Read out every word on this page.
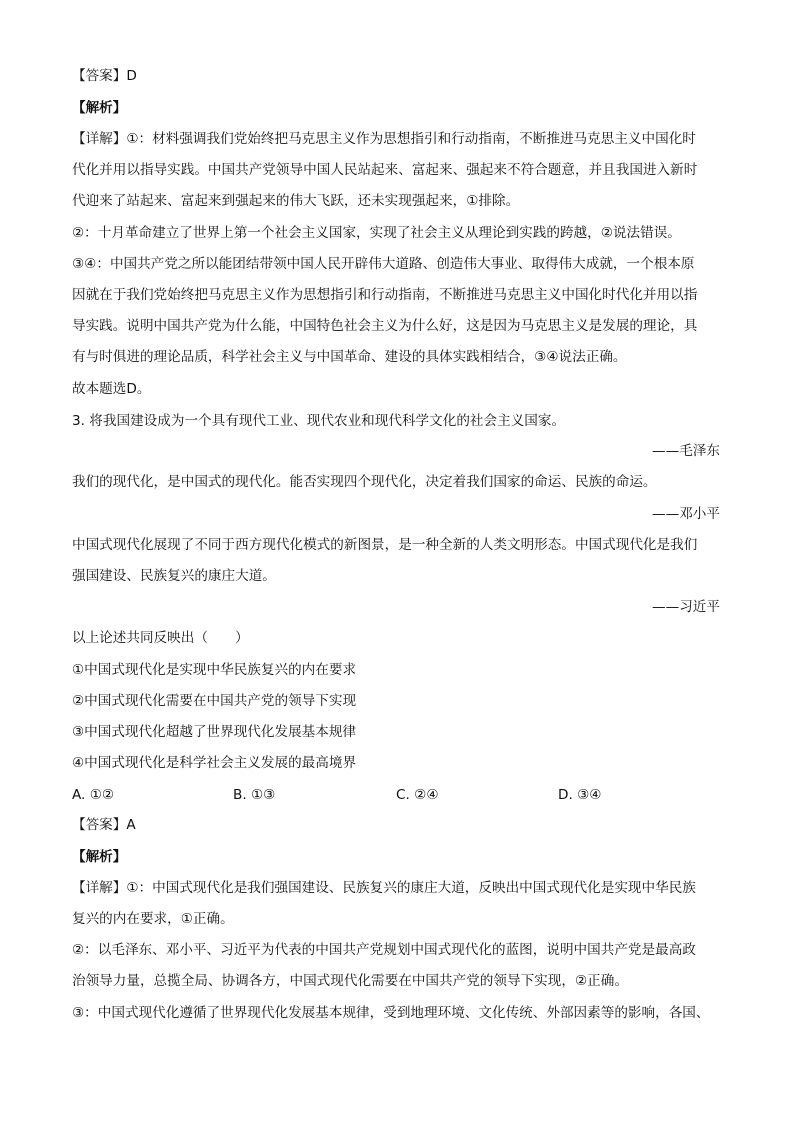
【答案】D
【解析】
【详解】①：材料强调我们党始终把马克思主义作为思想指引和行动指南，不断推进马克思主义中国化时
代化并用以指导实践。中国共产党领导中国人民站起来、富起来、强起来不符合题意，并且我国进入新时
代迎来了站起来、富起来到强起来的伟大飞跃，还未实现强起来，①排除。
②：十月革命建立了世界上第一个社会主义国家，实现了社会主义从理论到实践的跨越，②说法错误。
③④：中国共产党之所以能团结带领中国人民开辟伟大道路、创造伟大事业、取得伟大成就，一个根本原
因就在于我们党始终把马克思主义作为思想指引和行动指南，不断推进马克思主义中国化时代化并用以指
导实践。说明中国共产党为什么能，中国特色社会主义为什么好，这是因为马克思主义是发展的理论，具
有与时俱进的理论品质，科学社会主义与中国革命、建设的具体实践相结合，③④说法正确。
故本题选D。
3. 将我国建设成为一个具有现代工业、现代农业和现代科学文化的社会主义国家。
——毛泽东
我们的现代化，是中国式的现代化。能否实现四个现代化，决定着我们国家的命运、民族的命运。
——邓小平
中国式现代化展现了不同于西方现代化模式的新图景，是一种全新的人类文明形态。中国式现代化是我们
强国建设、民族复兴的康庄大道。
——习近平
以上论述共同反映出（　　）
①中国式现代化是实现中华民族复兴的内在要求
②中国式现代化需要在中国共产党的领导下实现
③中国式现代化超越了世界现代化发展基本规律
④中国式现代化是科学社会主义发展的最高境界
A. ①②	B. ①③	C. ②④	D. ③④
【答案】A
【解析】
【详解】①：中国式现代化是我们强国建设、民族复兴的康庄大道，反映出中国式现代化是实现中华民族
复兴的内在要求，①正确。
②：以毛泽东、邓小平、习近平为代表的中国共产党规划中国式现代化的蓝图，说明中国共产党是最高政
治领导力量，总揽全局、协调各方，中国式现代化需要在中国共产党的领导下实现，②正确。
③：中国式现代化遵循了世界现代化发展基本规律，受到地理环境、文化传统、外部因素等的影响，各国、
